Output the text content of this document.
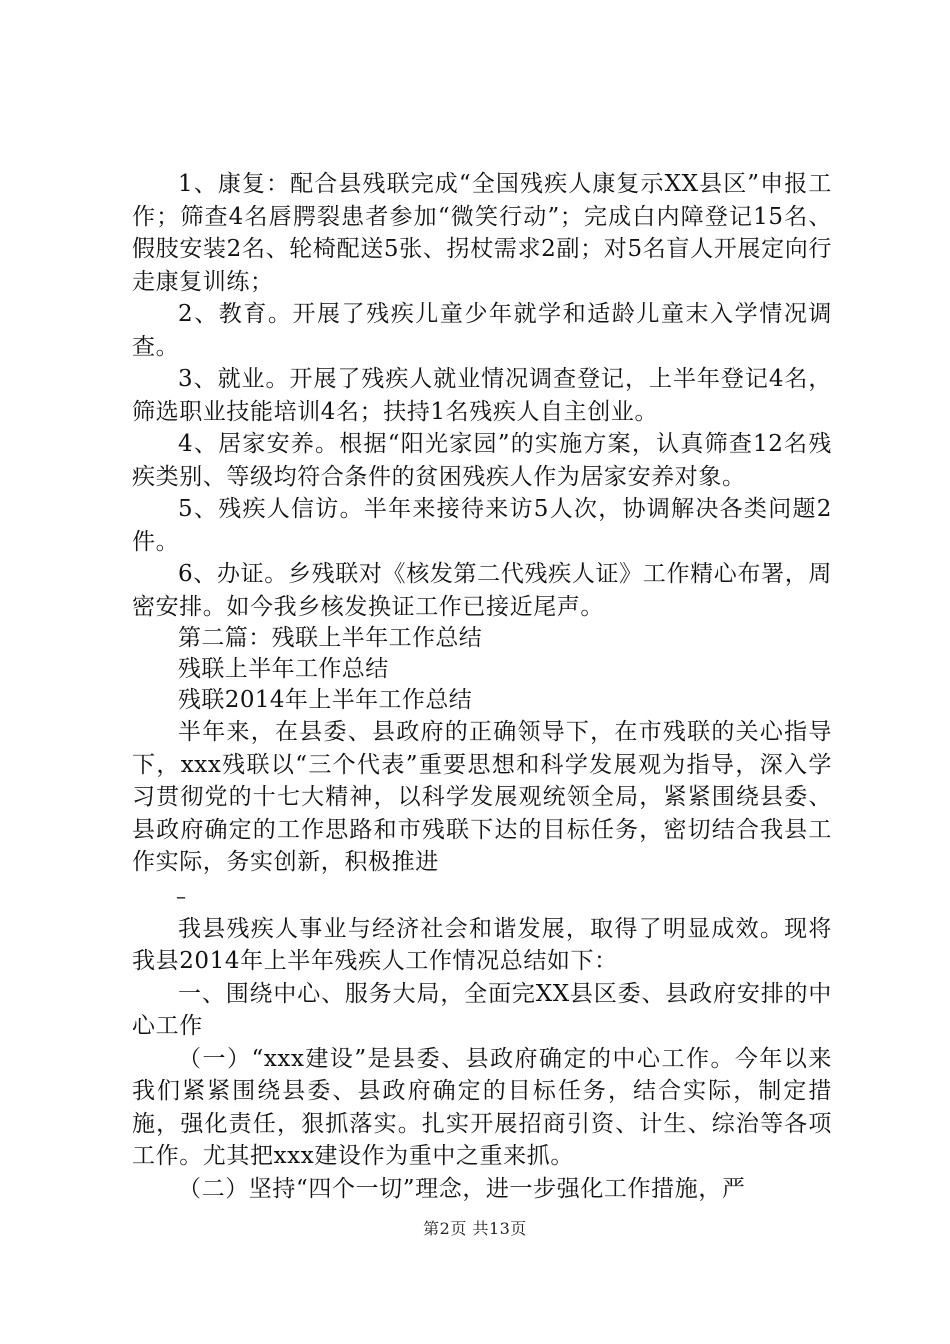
1、康复：配合县残联完成“全国残疾人康复示XX县区”申报工作；筛查4名唇腭裂患者参加“微笑行动”；完成白内障登记15名、假肢安装2名、轮椅配送5张、拐杖需求2副；对5名盲人开展定向行走康复训练；

2、教育。开展了残疾儿童少年就学和适龄儿童末入学情况调查。

3、就业。开展了残疾人就业情况调查登记，上半年登记4名，筛选职业技能培训4名；扶持1名残疾人自主创业。

4、居家安养。根据“阳光家园”的实施方案，认真筛查12名残疾类别、等级均符合条件的贫困残疾人作为居家安养对象。

5、残疾人信访。半年来接待来访5人次，协调解决各类问题2件。

6、办证。乡残联对《核发第二代残疾人证》工作精心布署，周密安排。如今我乡核发换证工作已接近尾声。

第二篇：残联上半年工作总结

残联上半年工作总结

残联2014年上半年工作总结

半年来，在县委、县政府的正确领导下，在市残联的关心指导下，xxx残联以“三个代表”重要思想和科学发展观为指导，深入学习贯彻党的十七大精神，以科学发展观统领全局，紧紧围绕县委、县政府确定的工作思路和市残联下达的目标任务，密切结合我县工作实际，务实创新，积极推进

–

我县残疾人事业与经济社会和谐发展，取得了明显成效。现将我县2014年上半年残疾人工作情况总结如下：

一、围绕中心、服务大局，全面完XX县区委、县政府安排的中心工作

（一）“xxx建设”是县委、县政府确定的中心工作。今年以来我们紧紧围绕县委、县政府确定的目标任务，结合实际，制定措施，强化责任，狠抓落实。扎实开展招商引资、计生、综治等各项工作。尤其把xxx建设作为重中之重来抓。

（二）坚持“四个一切”理念，进一步强化工作措施，严

第2页 共13页
